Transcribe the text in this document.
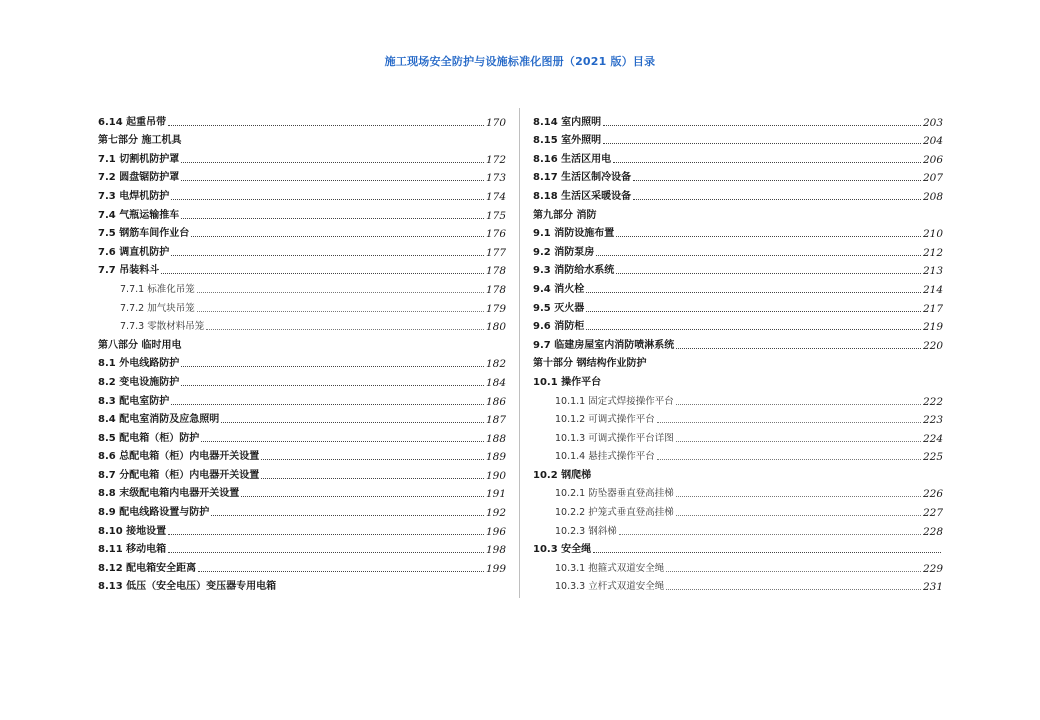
施工现场安全防护与设施标准化图册（2021 版）目录
6.14 起重吊带	170
第七部分 施工机具
7.1 切割机防护罩	172
7.2 圆盘锯防护罩	173
7.3 电焊机防护	174
7.4 气瓶运输推车	175
7.5 钢筋车间作业台	176
7.6 调直机防护	177
7.7 吊装料斗	178
7.7.1 标准化吊笼	178
7.7.2 加气块吊笼	179
7.7.3 零散材料吊笼	180
第八部分 临时用电
8.1 外电线路防护	182
8.2 变电设施防护	184
8.3 配电室防护	186
8.4 配电室消防及应急照明	187
8.5 配电箱（柜）防护	188
8.6 总配电箱（柜）内电器开关设置	189
8.7 分配电箱（柜）内电器开关设置	190
8.8 末级配电箱内电器开关设置	191
8.9 配电线路设置与防护	192
8.10 接地设置	196
8.11 移动电箱	198
8.12 配电箱安全距离	199
8.13 低压（安全电压）变压器专用电箱
8.14 室内照明	203
8.15 室外照明	204
8.16 生活区用电	206
8.17 生活区制冷设备	207
8.18 生活区采暖设备	208
第九部分 消防
9.1 消防设施布置	210
9.2 消防泵房	212
9.3 消防给水系统	213
9.4 消火栓	214
9.5 灭火器	217
9.6 消防柜	219
9.7 临建房屋室内消防喷淋系统	220
第十部分 钢结构作业防护
10.1 操作平台
10.1.1 固定式焊接操作平台	222
10.1.2 可调式操作平台	223
10.1.3 可调式操作平台详图	224
10.1.4 悬挂式操作平台	225
10.2 钢爬梯
10.2.1 防坠器垂直登高挂梯	226
10.2.2 护笼式垂直登高挂梯	227
10.2.3 钢斜梯	228
10.3 安全绳
10.3.1 抱箍式双道安全绳	229
10.3.3 立杆式双道安全绳	231
